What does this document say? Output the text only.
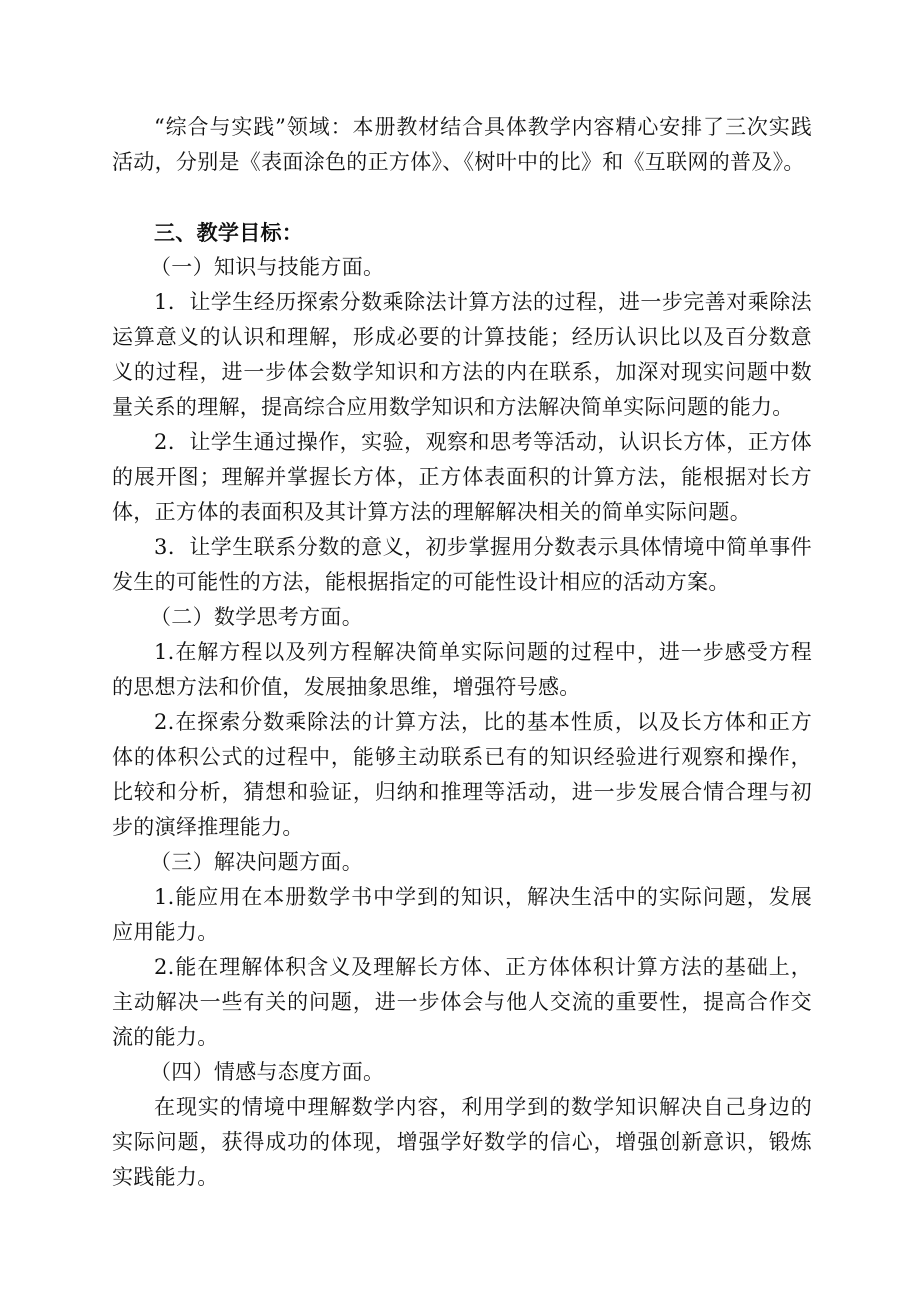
“综合与实践”领域：本册教材结合具体教学内容精心安排了三次实践活动，分别是《表面涂色的正方体》、《树叶中的比》和《互联网的普及》。

三、教学目标：

（一）知识与技能方面。

1．让学生经历探索分数乘除法计算方法的过程，进一步完善对乘除法运算意义的认识和理解，形成必要的计算技能；经历认识比以及百分数意义的过程，进一步体会数学知识和方法的内在联系，加深对现实问题中数量关系的理解，提高综合应用数学知识和方法解决简单实际问题的能力。

2．让学生通过操作，实验，观察和思考等活动，认识长方体，正方体的展开图；理解并掌握长方体，正方体表面积的计算方法，能根据对长方体，正方体的表面积及其计算方法的理解解决相关的简单实际问题。

3．让学生联系分数的意义，初步掌握用分数表示具体情境中简单事件发生的可能性的方法，能根据指定的可能性设计相应的活动方案。

（二）数学思考方面。

1.在解方程以及列方程解决简单实际问题的过程中，进一步感受方程的思想方法和价值，发展抽象思维，增强符号感。

2.在探索分数乘除法的计算方法，比的基本性质，以及长方体和正方体的体积公式的过程中，能够主动联系已有的知识经验进行观察和操作，比较和分析，猜想和验证，归纳和推理等活动，进一步发展合情合理与初步的演绎推理能力。

（三）解决问题方面。

1.能应用在本册数学书中学到的知识，解决生活中的实际问题，发展应用能力。

2.能在理解体积含义及理解长方体、正方体体积计算方法的基础上，主动解决一些有关的问题，进一步体会与他人交流的重要性，提高合作交流的能力。

（四）情感与态度方面。

在现实的情境中理解数学内容，利用学到的数学知识解决自己身边的实际问题，获得成功的体现，增强学好数学的信心，增强创新意识，锻炼实践能力。
